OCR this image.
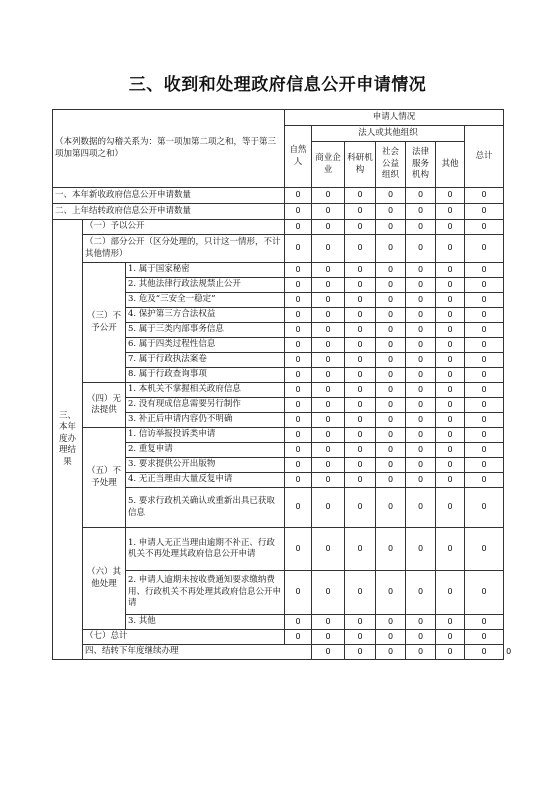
三、收到和处理政府信息公开申请情况
（本列数据的勾稽关系为：第一项加第二项之和，等于第三项加第四项之和）			申请人情况							
			自然人	法人或其他组织					总计	
				商业企业	科研机构	社会公益组织	法律服务机构	其他		
一、本年新收政府信息公开申请数量			0	0	0	0	0	0	0	
二、上年结转政府信息公开申请数量			0	0	0	0	0	0	0	
三、本年度办理结果	（一）予以公开		0	0	0	0	0	0	0	
	（二）部分公开（区分处理的，只计这一情形，不计其他情形）		0	0	0	0	0	0	0	
	（三）不予公开	1. 属于国家秘密	0	0	0	0	0	0	0	
		2. 其他法律行政法规禁止公开	0	0	0	0	0	0	0	
		3. 危及“三安全一稳定”	0	0	0	0	0	0	0	
		4. 保护第三方合法权益	0	0	0	0	0	0	0	
		5. 属于三类内部事务信息	0	0	0	0	0	0	0	
		6. 属于四类过程性信息	0	0	0	0	0	0	0	
		7. 属于行政执法案卷	0	0	0	0	0	0	0	
		8. 属于行政查询事项	0	0	0	0	0	0	0	
	（四）无法提供	1. 本机关不掌握相关政府信息	0	0	0	0	0	0	0	
		2. 没有现成信息需要另行制作	0	0	0	0	0	0	0	
		3. 补正后申请内容仍不明确	0	0	0	0	0	0	0	
	（五）不予处理	1. 信访举报投诉类申请	0	0	0	0	0	0	0	
		2. 重复申请	0	0	0	0	0	0	0	
		3. 要求提供公开出版物	0	0	0	0	0	0	0	
		4. 无正当理由大量反复申请	0	0	0	0	0	0	0	
		5. 要求行政机关确认或重新出具已获取信息	0	0	0	0	0	0	0	
	（六）其他处理	1. 申请人无正当理由逾期不补正、行政机关不再处理其政府信息公开申请	0	0	0	0	0	0	0	
		2. 申请人逾期未按收费通知要求缴纳费用、行政机关不再处理其政府信息公开申请	0	0	0	0	0	0	0	
		3. 其他	0	0	0	0	0	0	0	
	（七）总计		0	0	0	0	0	0	0	
	四、结转下年度继续办理			0	0	0	0	0	0	0
